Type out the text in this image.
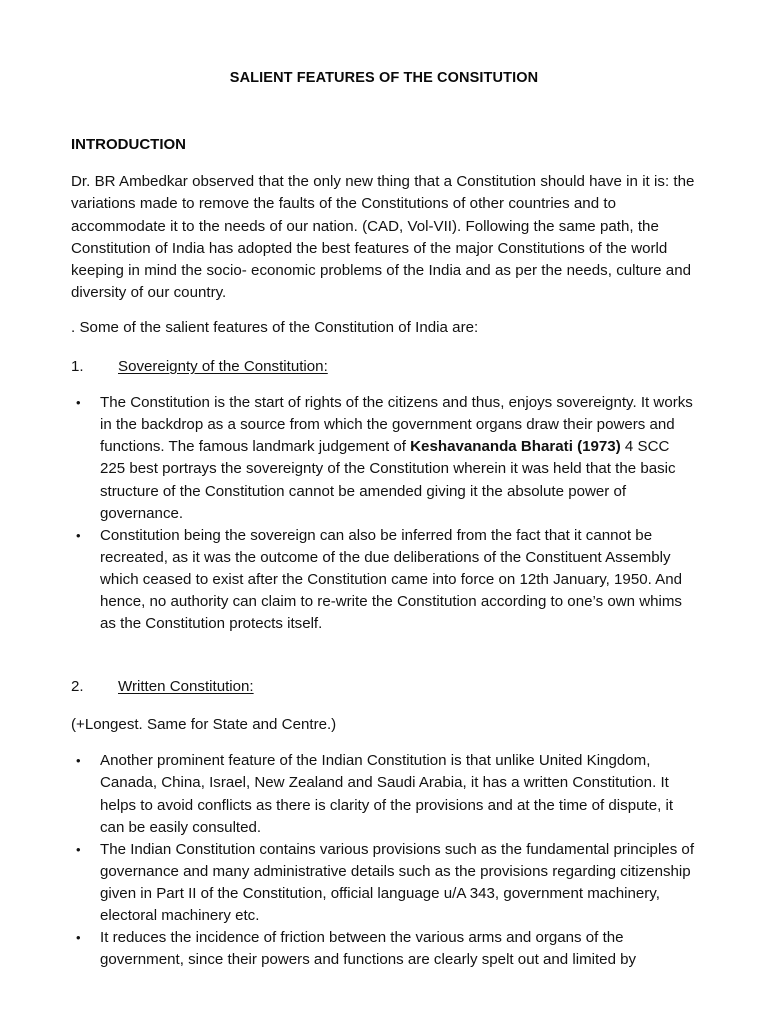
SALIENT FEATURES OF THE CONSITUTION
INTRODUCTION

Dr. BR Ambedkar observed that the only new thing that a Constitution should have in it is: the variations made to remove the faults of the Constitutions of other countries and to accommodate it to the needs of our nation. (CAD, Vol-VII). Following the same path, the Constitution of India has adopted the best features of the major Constitutions of the world keeping in mind the socio- economic problems of the India and as per the needs, culture and diversity of our country.

. Some of the salient features of the Constitution of India are:

1.	Sovereignty of the Constitution:
• The Constitution is the start of rights of the citizens and thus, enjoys sovereignty. It works in the backdrop as a source from which the government organs draw their powers and functions. The famous landmark judgement of Keshavananda Bharati (1973) 4 SCC 225 best portrays the sovereignty of the Constitution wherein it was held that the basic structure of the Constitution cannot be amended giving it the absolute power of governance.
• Constitution being the sovereign can also be inferred from the fact that it cannot be recreated, as it was the outcome of the due deliberations of the Constituent Assembly which ceased to exist after the Constitution came into force on 12th January, 1950. And hence, no authority can claim to re-write the Constitution according to one’s own whims as the Constitution protects itself.
2.	Written Constitution:

(+Longest. Same for State and Centre.)

• Another prominent feature of the Indian Constitution is that unlike United Kingdom, Canada, China, Israel, New Zealand and Saudi Arabia, it has a written Constitution. It helps to avoid conflicts as there is clarity of the provisions and at the time of dispute, it can be easily consulted.
• The Indian Constitution contains various provisions such as the fundamental principles of governance and many administrative details such as the provisions regarding citizenship given in Part II of the Constitution, official language u/A 343, government machinery, electoral machinery etc.
• It reduces the incidence of friction between the various arms and organs of the government, since their powers and functions are clearly spelt out and limited by
